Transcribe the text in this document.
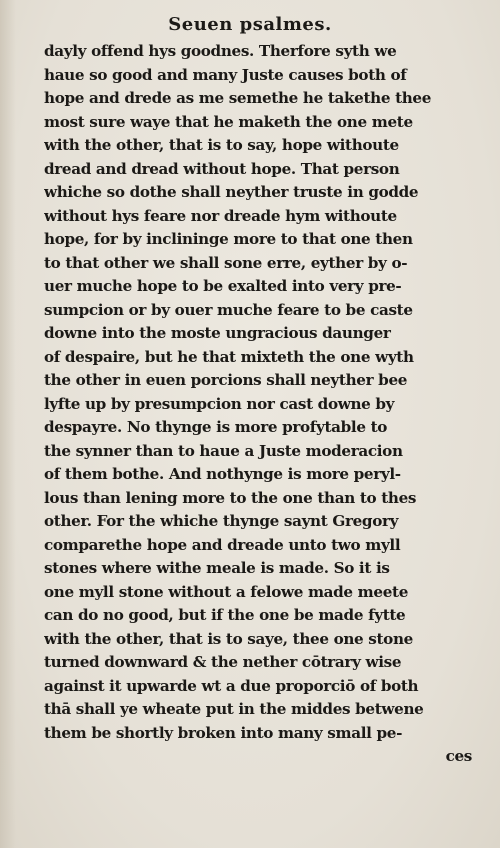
Seuen psalmes.
dayly offend hys goodnes. Therfore syth we
haue so good and many Juste causes both of
hope and drede as me semethe he takethe thee
most sure waye that he maketh the one mete
with the other, that is to say, hope withoute
dread and dread without hope. That person
whiche so dothe shall neyther truste in godde
without hys feare nor dreade hym withoute
hope, for by inclininge more to that one then
to that other we shall sone erre, eyther by o-
uer muche hope to be exalted into very pre-
sumpcion or by ouer muche feare to be caste
downe into the moste ungracious daunger
of despaire, but he that mixteth the one wyth
the other in euen porcions shall neyther bee
lyfte up by presumpcion nor cast downe by
despayre. No thynge is more profytable to
the synner than to haue a Juste moderacion
of them bothe. And nothynge is more peryl-
lous than lening more to the one than to thes
other. For the whiche thynge saynt Gregory
comparethe hope and dreade unto two myll
stones where withe meale is made. So it is
one myll stone without a felowe made meete
can do no good, but if the one be made fytte
with the other, that is to saye, thee one stone
turned downward & the nether cōtrary wise
against it upwarde wt a due proporciō of both
thā shall ye wheate put in the middes betwene
them be shortly broken into many small pe-
ces
